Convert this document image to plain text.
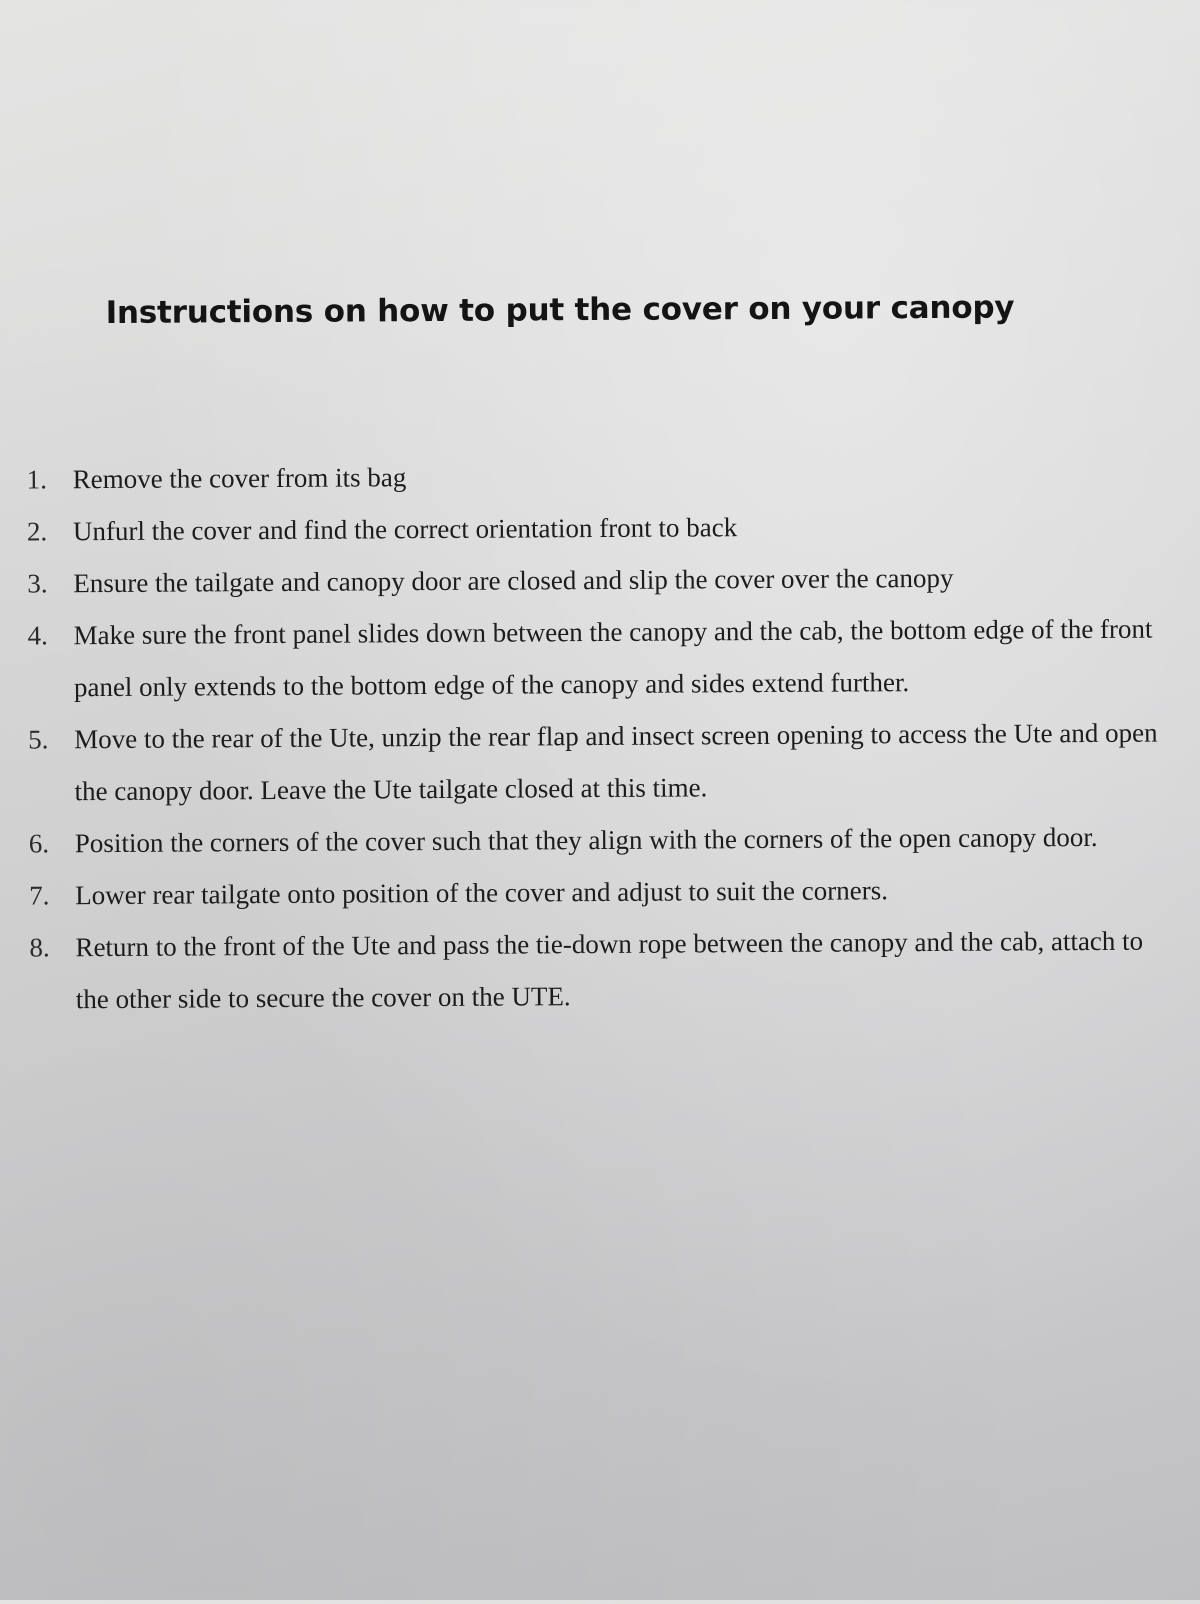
Instructions on how to put the cover on your canopy
1. Remove the cover from its bag
2. Unfurl the cover and find the correct orientation front to back
3. Ensure the tailgate and canopy door are closed and slip the cover over the canopy
4. Make sure the front panel slides down between the canopy and the cab, the bottom edge of the front panel only extends to the bottom edge of the canopy and sides extend further.
5. Move to the rear of the Ute, unzip the rear flap and insect screen opening to access the Ute and open the canopy door. Leave the Ute tailgate closed at this time.
6. Position the corners of the cover such that they align with the corners of the open canopy door.
7. Lower rear tailgate onto position of the cover and adjust to suit the corners.
8. Return to the front of the Ute and pass the tie-down rope between the canopy and the cab, attach to the other side to secure the cover on the UTE.
